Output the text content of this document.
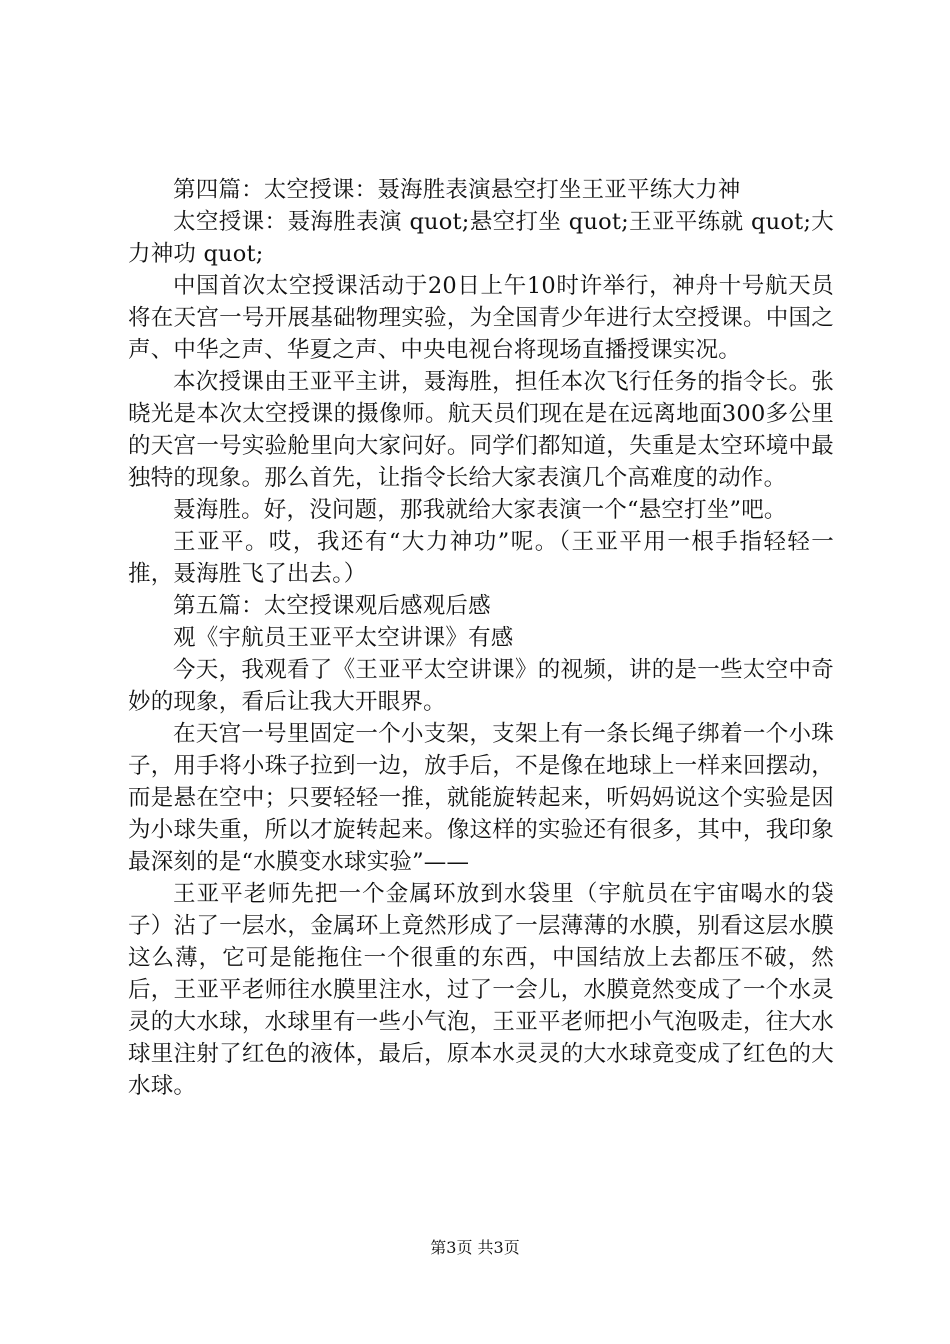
第四篇：太空授课：聂海胜表演悬空打坐王亚平练大力神

太空授课：聂海胜表演 quot;悬空打坐 quot;王亚平练就 quot;大力神功 quot;

中国首次太空授课活动于20日上午10时许举行，神舟十号航天员将在天宫一号开展基础物理实验，为全国青少年进行太空授课。中国之声、中华之声、华夏之声、中央电视台将现场直播授课实况。

本次授课由王亚平主讲，聂海胜，担任本次飞行任务的指令长。张晓光是本次太空授课的摄像师。航天员们现在是在远离地面300多公里的天宫一号实验舱里向大家问好。同学们都知道，失重是太空环境中最独特的现象。那么首先，让指令长给大家表演几个高难度的动作。

聂海胜。好，没问题，那我就给大家表演一个“悬空打坐”吧。

王亚平。哎，我还有“大力神功”呢。（王亚平用一根手指轻轻一推，聂海胜飞了出去。）

第五篇：太空授课观后感观后感

观《宇航员王亚平太空讲课》有感

今天，我观看了《王亚平太空讲课》的视频，讲的是一些太空中奇妙的现象，看后让我大开眼界。

在天宫一号里固定一个小支架，支架上有一条长绳子绑着一个小珠子，用手将小珠子拉到一边，放手后，不是像在地球上一样来回摆动，而是悬在空中；只要轻轻一推，就能旋转起来，听妈妈说这个实验是因为小球失重，所以才旋转起来。像这样的实验还有很多，其中，我印象最深刻的是“水膜变水球实验”——

王亚平老师先把一个金属环放到水袋里（宇航员在宇宙喝水的袋子）沾了一层水，金属环上竟然形成了一层薄薄的水膜，别看这层水膜这么薄，它可是能拖住一个很重的东西，中国结放上去都压不破，然后，王亚平老师往水膜里注水，过了一会儿，水膜竟然变成了一个水灵灵的大水球，水球里有一些小气泡，王亚平老师把小气泡吸走，往大水球里注射了红色的液体，最后，原本水灵灵的大水球竟变成了红色的大水球。

第3页 共3页
